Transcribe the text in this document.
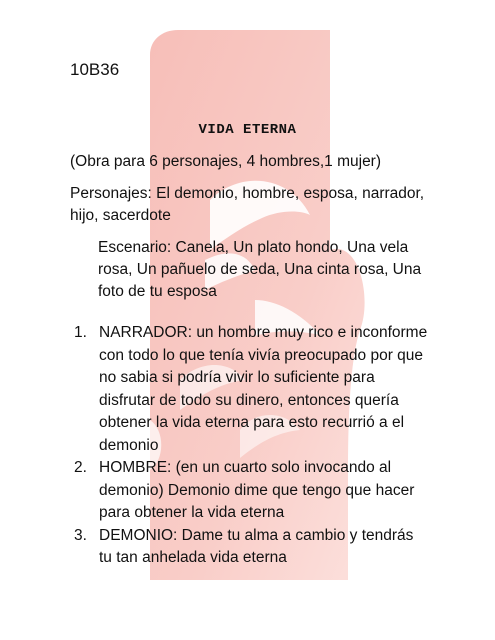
10B36
VIDA ETERNA
(Obra para 6 personajes, 4 hombres,1 mujer)
Personajes: El demonio, hombre, esposa, narrador, hijo, sacerdote
Escenario: Canela, Un plato hondo, Una vela rosa, Un pañuelo de seda, Una cinta rosa, Una foto de tu esposa
1. NARRADOR: un hombre muy rico e inconforme con todo lo que tenía vivía preocupado por que no sabia si podría vivir lo suficiente para disfrutar de todo su dinero, entonces quería obtener la vida eterna para esto recurrió a el demonio
2. HOMBRE: (en un cuarto solo invocando al demonio) Demonio dime que tengo que hacer para obtener la vida eterna
3. DEMONIO: Dame tu alma a cambio y tendrás tu tan anhelada vida eterna
